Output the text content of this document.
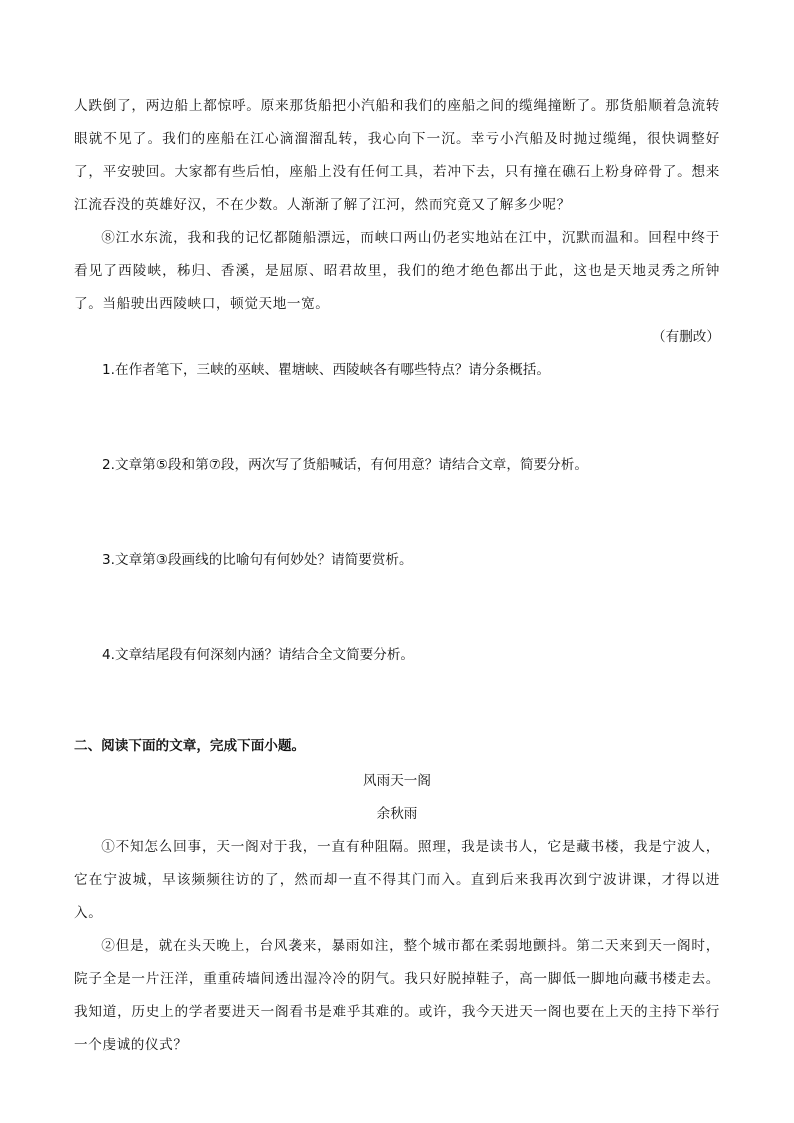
人跌倒了，两边船上都惊呼。原来那货船把小汽船和我们的座船之间的缆绳撞断了。那货船顺着急流转眼就不见了。我们的座船在江心滴溜溜乱转，我心向下一沉。幸亏小汽船及时抛过缆绳，很快调整好了，平安驶回。大家都有些后怕，座船上没有任何工具，若冲下去，只有撞在礁石上粉身碎骨了。想来江流吞没的英雄好汉，不在少数。人渐渐了解了江河，然而究竟又了解多少呢？

⑧江水东流，我和我的记忆都随船漂远，而峡口两山仍老实地站在江中，沉默而温和。回程中终于看见了西陵峡，秭归、香溪，是屈原、昭君故里，我们的绝才绝色都出于此，这也是天地灵秀之所钟了。当船驶出西陵峡口，顿觉天地一宽。

（有删改）

1.在作者笔下，三峡的巫峡、瞿塘峡、西陵峡各有哪些特点？请分条概括。

2.文章第⑤段和第⑦段，两次写了货船喊话，有何用意？请结合文章，简要分析。

3.文章第③段画线的比喻句有何妙处？请简要赏析。

4.文章结尾段有何深刻内涵？请结合全文简要分析。

二、阅读下面的文章，完成下面小题。

风雨天一阁

余秋雨

①不知怎么回事，天一阁对于我，一直有种阻隔。照理，我是读书人，它是藏书楼，我是宁波人，它在宁波城，早该频频往访的了，然而却一直不得其门而入。直到后来我再次到宁波讲课，才得以进入。

②但是，就在头天晚上，台风袭来，暴雨如注，整个城市都在柔弱地颤抖。第二天来到天一阁时，院子全是一片汪洋，重重砖墙间透出湿冷冷的阴气。我只好脱掉鞋子，高一脚低一脚地向藏书楼走去。我知道，历史上的学者要进天一阁看书是难乎其难的。或许，我今天进天一阁也要在上天的主持下举行一个虔诚的仪式？
